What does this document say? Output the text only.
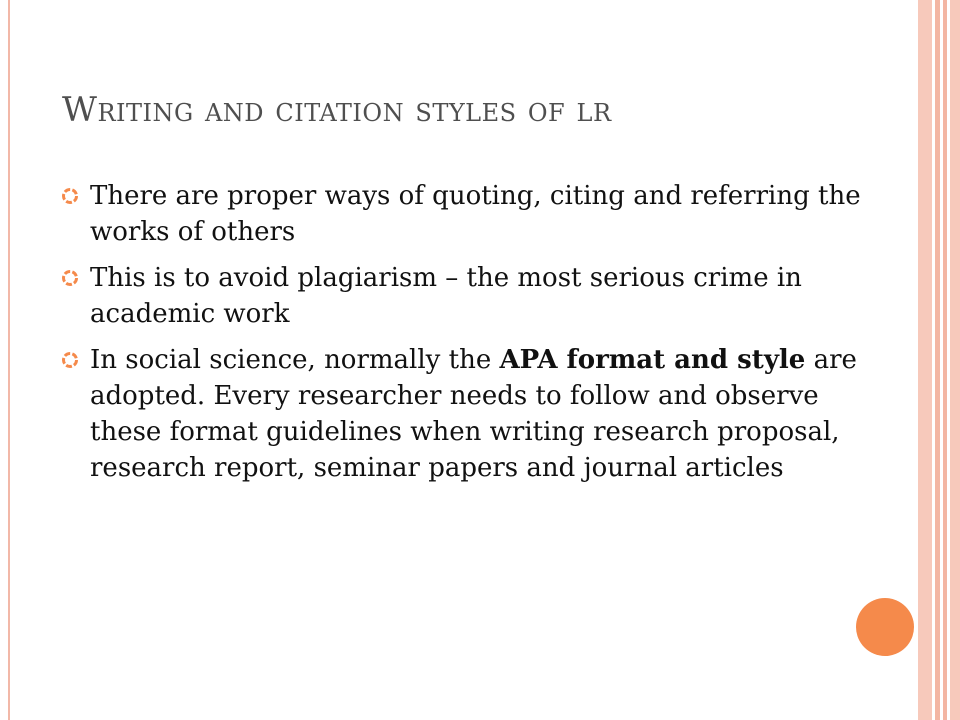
Writing and citation styles of lr
There are proper ways of quoting, citing and referring the works of others
This is to avoid plagiarism – the most serious crime in academic work
In social science, normally the APA format and style are adopted. Every researcher needs to follow and observe these format guidelines when writing research proposal, research report, seminar papers and journal articles
